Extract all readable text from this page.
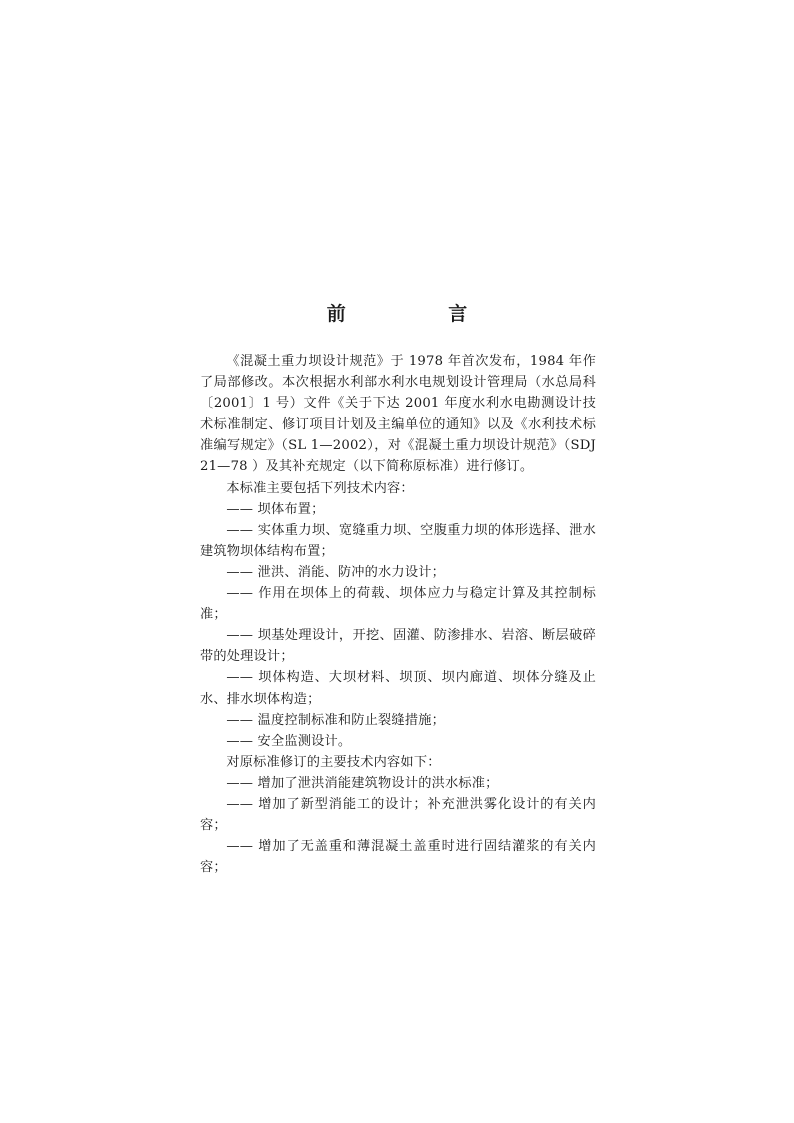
前　言

《混凝土重力坝设计规范》于 1978 年首次发布，1984 年作了局部修改。本次根据水利部水利水电规划设计管理局（水总局科〔2001〕1 号）文件《关于下达 2001 年度水利水电勘测设计技术标准制定、修订项目计划及主编单位的通知》以及《水利技术标准编写规定》（SL 1—2002），对《混凝土重力坝设计规范》（SDJ 21—78 ）及其补充规定（以下简称原标准）进行修订。

本标准主要包括下列技术内容：

—— 坝体布置；

—— 实体重力坝、宽缝重力坝、空腹重力坝的体形选择、泄水建筑物坝体结构布置；

—— 泄洪、消能、防冲的水力设计；

—— 作用在坝体上的荷载、坝体应力与稳定计算及其控制标准；

—— 坝基处理设计，开挖、固灌、防渗排水、岩溶、断层破碎带的处理设计；

—— 坝体构造、大坝材料、坝顶、坝内廊道、坝体分缝及止水、排水坝体构造；

—— 温度控制标准和防止裂缝措施；

—— 安全监测设计。

对原标准修订的主要技术内容如下：

—— 增加了泄洪消能建筑物设计的洪水标准；

—— 增加了新型消能工的设计；补充泄洪雾化设计的有关内容；

—— 增加了无盖重和薄混凝土盖重时进行固结灌浆的有关内容；
